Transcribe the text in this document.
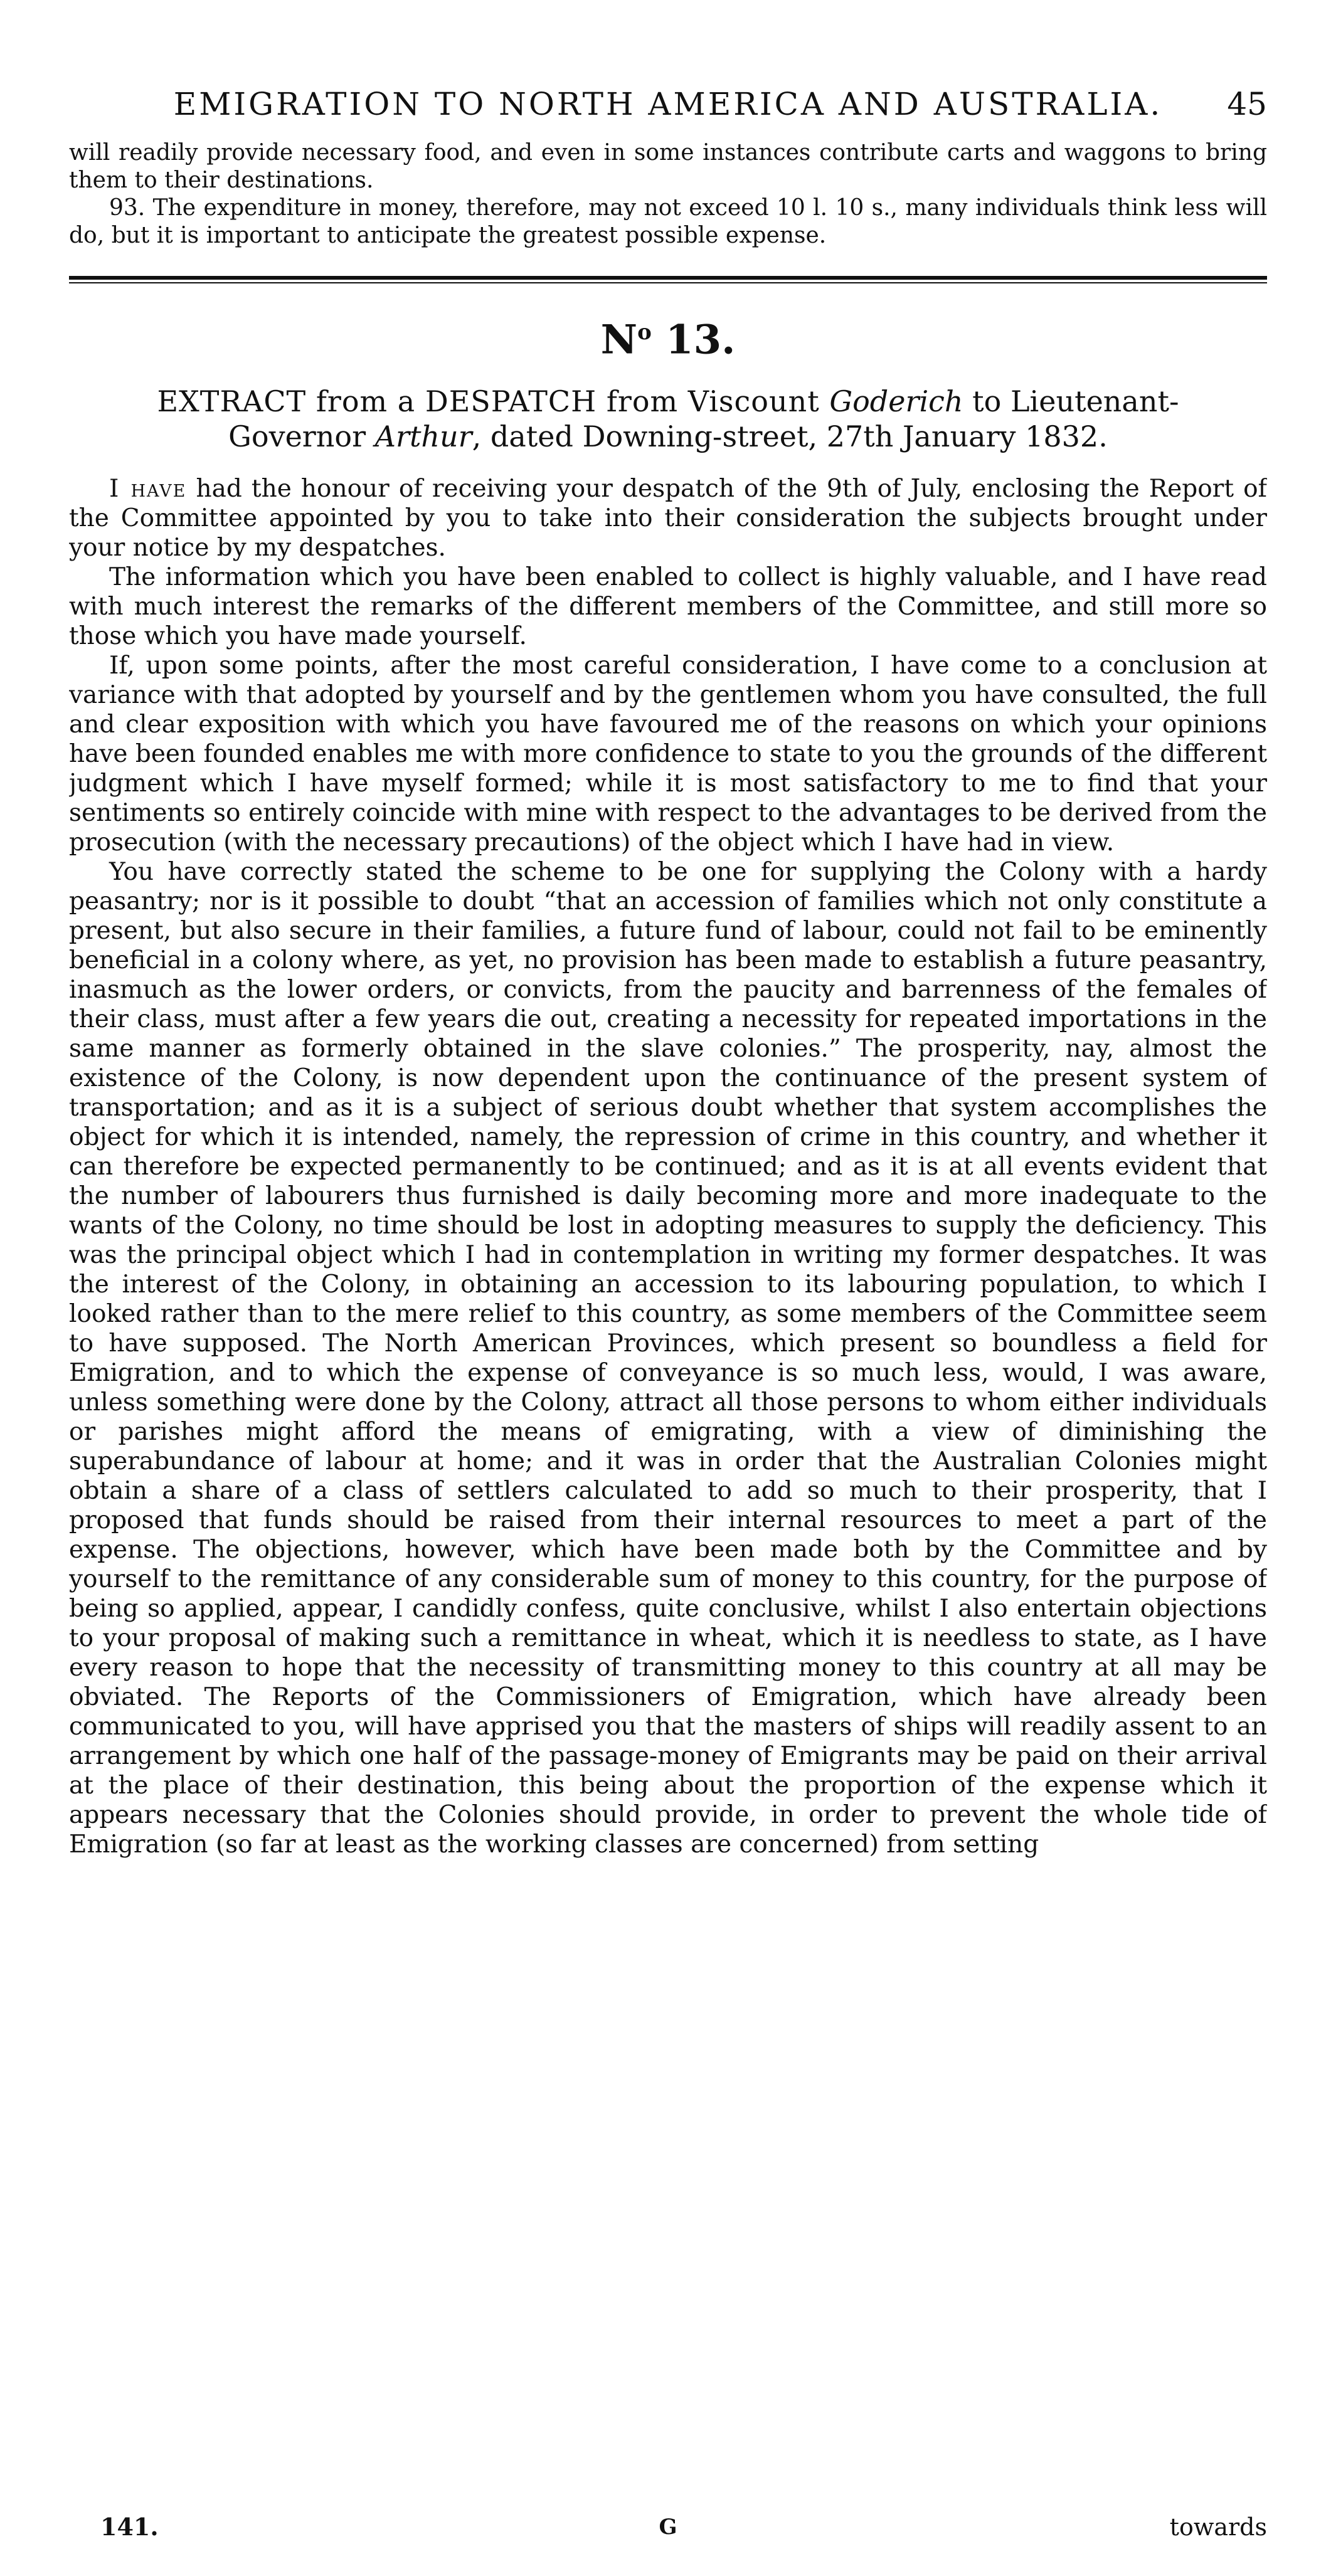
EMIGRATION TO NORTH AMERICA AND AUSTRALIA. 45

will readily provide necessary food, and even in some instances contribute carts and waggons to bring them to their destinations.

93. The expenditure in money, therefore, may not exceed 10 l. 10 s., many individuals think less will do, but it is important to anticipate the greatest possible expense.

$N^o$ 13.
EXTRACT from a DESPATCH from Viscount Goderich to Lieutenant-Governor Arthur, dated Downing-street, 27th January 1832.

I have had the honour of receiving your despatch of the 9th of July, enclosing the Report of the Committee appointed by you to take into their consideration the subjects brought under your notice by my despatches.

The information which you have been enabled to collect is highly valuable, and I have read with much interest the remarks of the different members of the Committee, and still more so those which you have made yourself.

If, upon some points, after the most careful consideration, I have come to a conclusion at variance with that adopted by yourself and by the gentlemen whom you have consulted, the full and clear exposition with which you have favoured me of the reasons on which your opinions have been founded enables me with more confidence to state to you the grounds of the different judgment which I have myself formed; while it is most satisfactory to me to find that your sentiments so entirely coincide with mine with respect to the advantages to be derived from the prosecution (with the necessary precautions) of the object which I have had in view.

You have correctly stated the scheme to be one for supplying the Colony with a hardy peasantry; nor is it possible to doubt “that an accession of families which not only constitute a present, but also secure in their families, a future fund of labour, could not fail to be eminently beneficial in a colony where, as yet, no provision has been made to establish a future peasantry, inasmuch as the lower orders, or convicts, from the paucity and barrenness of the females of their class, must after a few years die out, creating a necessity for repeated importations in the same manner as formerly obtained in the slave colonies.” The prosperity, nay, almost the existence of the Colony, is now dependent upon the continuance of the present system of transportation; and as it is a subject of serious doubt whether that system accomplishes the object for which it is intended, namely, the repression of crime in this country, and whether it can therefore be expected permanently to be continued; and as it is at all events evident that the number of labourers thus furnished is daily becoming more and more inadequate to the wants of the Colony, no time should be lost in adopting measures to supply the deficiency. This was the principal object which I had in contemplation in writing my former despatches. It was the interest of the Colony, in obtaining an accession to its labouring population, to which I looked rather than to the mere relief to this country, as some members of the Committee seem to have supposed. The North American Provinces, which present so boundless a field for Emigration, and to which the expense of conveyance is so much less, would, I was aware, unless something were done by the Colony, attract all those persons to whom either individuals or parishes might afford the means of emigrating, with a view of diminishing the superabundance of labour at home; and it was in order that the Australian Colonies might obtain a share of a class of settlers calculated to add so much to their prosperity, that I proposed that funds should be raised from their internal resources to meet a part of the expense. The objections, however, which have been made both by the Committee and by yourself to the remittance of any considerable sum of money to this country, for the purpose of being so applied, appear, I candidly confess, quite conclusive, whilst I also entertain objections to your proposal of making such a remittance in wheat, which it is needless to state, as I have every reason to hope that the necessity of transmitting money to this country at all may be obviated. The Reports of the Commissioners of Emigration, which have already been communicated to you, will have apprised you that the masters of ships will readily assent to an arrangement by which one half of the passage-money of Emigrants may be paid on their arrival at the place of their destination, this being about the proportion of the expense which it appears necessary that the Colonies should provide, in order to prevent the whole tide of Emigration (so far at least as the working classes are concerned) from setting

141.	G	towards
